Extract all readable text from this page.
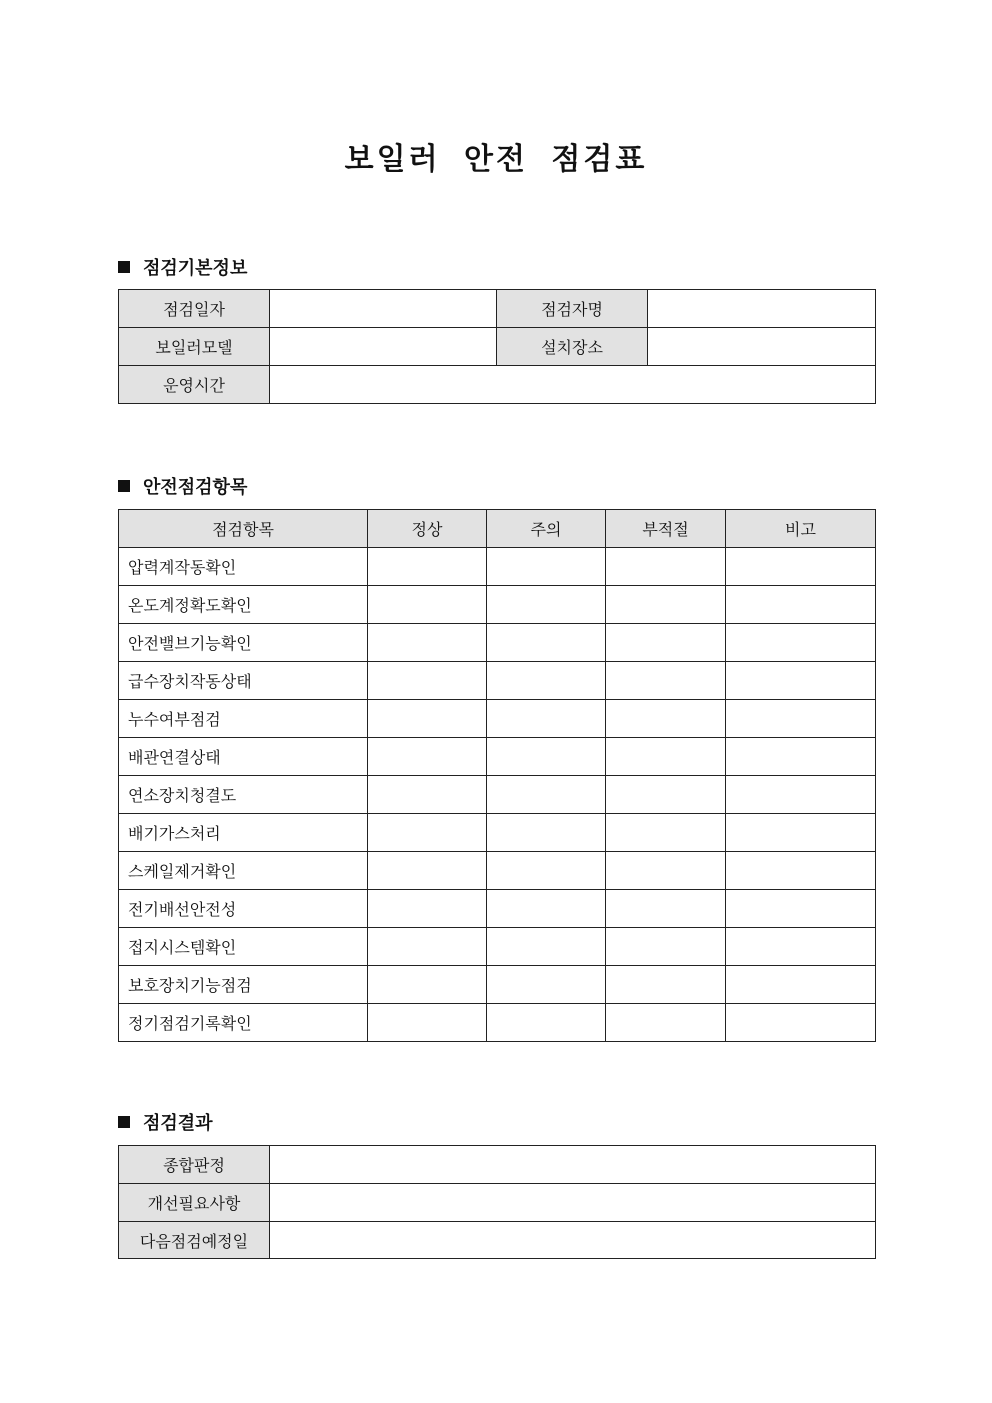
보일러 안전 점검표
점검기본정보
점검일자		점검자명	
보일러모델		설치장소	
운영시간			
안전점검항목
점검항목	정상	주의	부적절	비고
압력계작동확인				
온도계정확도확인				
안전밸브기능확인				
급수장치작동상태				
누수여부점검				
배관연결상태				
연소장치청결도				
배기가스처리				
스케일제거확인				
전기배선안전성				
접지시스템확인				
보호장치기능점검				
정기점검기록확인				
점검결과
종합판정	
개선필요사항	
다음점검예정일	
